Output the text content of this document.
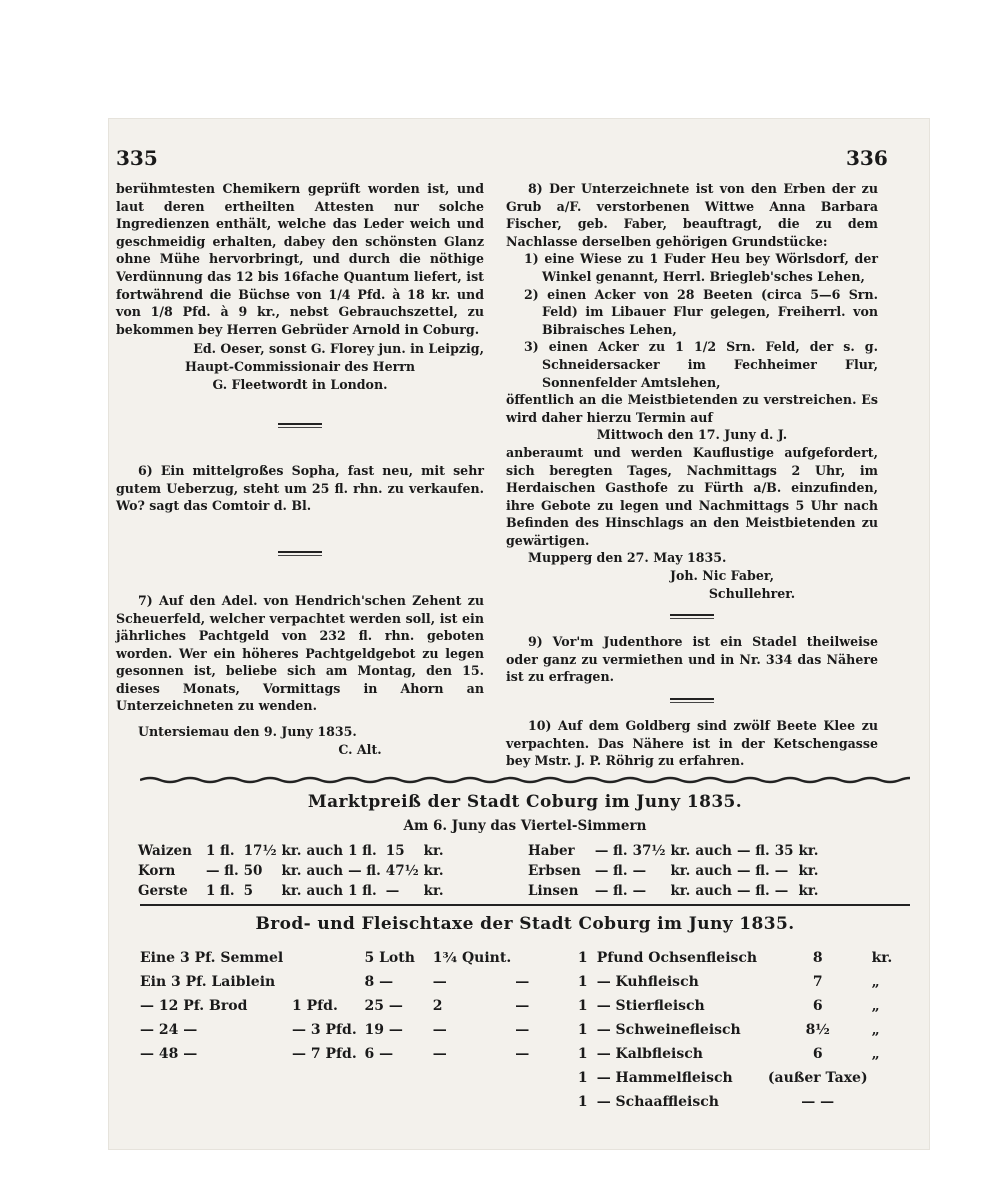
335	336

berühmtesten Chemikern geprüft worden ist, und laut deren ertheilten Attesten nur solche Ingredienzen enthält, welche das Leder weich und geschmeidig erhalten, dabey den schönsten Glanz ohne Mühe hervorbringt, und durch die nöthige Verdünnung das 12 bis 16fache Quantum liefert, ist fortwährend die Büchse von 1/4 Pfd. à 18 kr. und von 1/8 Pfd. à 9 kr., nebst Gebrauchszettel, zu bekommen bey Herren Gebrüder Arnold in Coburg.

Ed. Oeser, sonst G. Florey jun. in Leipzig,
Haupt-Commissionair des Herrn
G. Fleetwordt in London.

6) Ein mittelgroßes Sopha, fast neu, mit sehr gutem Ueberzug, steht um 25 fl. rhn. zu verkaufen. Wo? sagt das Comtoir d. Bl.

7) Auf den Adel. von Hendrich'schen Zehent zu Scheuerfeld, welcher verpachtet werden soll, ist ein jährliches Pachtgeld von 232 fl. rhn. geboten worden. Wer ein höheres Pachtgeldgebot zu legen gesonnen ist, beliebe sich am Montag, den 15. dieses Monats, Vormittags in Ahorn an Unterzeichneten zu wenden.

Untersiemau den 9. Juny 1835.

C. Alt.

8) Der Unterzeichnete ist von den Erben der zu Grub a/F. verstorbenen Wittwe Anna Barbara Fischer, geb. Faber, beauftragt, die zu dem Nachlasse derselben gehörigen Grundstücke:

1) eine Wiese zu 1 Fuder Heu bey Wörlsdorf, der Winkel genannt, Herrl. Briegleb'sches Lehen,
2) einen Acker von 28 Beeten (circa 5—6 Srn. Feld) im Libauer Flur gelegen, Freiherrl. von Bibraisches Lehen,
3) einen Acker zu 1 1/2 Srn. Feld, der s. g. Schneidersacker im Fechheimer Flur, Sonnenfelder Amtslehen,

öffentlich an die Meistbietenden zu verstreichen. Es wird daher hierzu Termin auf

Mittwoch den 17. Juny d. J.

anberaumt und werden Kauflustige aufgefordert, sich beregten Tages, Nachmittags 2 Uhr, im Herdaischen Gasthofe zu Fürth a/B. einzufinden, ihre Gebote zu legen und Nachmittags 5 Uhr nach Befinden des Hinschlags an den Meistbietenden zu gewärtigen.

Mupperg den 27. May 1835.

Joh. Nic Faber,

Schullehrer.

9) Vor'm Judenthore ist ein Stadel theilweise oder ganz zu vermiethen und in Nr. 334 das Nähere ist zu erfragen.

10) Auf dem Goldberg sind zwölf Beete Klee zu verpachten. Das Nähere ist in der Ketschengasse bey Mstr. J. P. Röhrig zu erfahren.

Marktpreiß der Stadt Coburg im Juny 1835.
Am 6. Juny das Viertel-Simmern
Waizen	1 fl.	17½	kr.	auch	1 fl.	15	kr.
Korn	— fl.	50	kr.	auch	— fl.	47½	kr.
Gerste	1 fl.	5	kr.	auch	1 fl.	—	kr.
Haber	— fl.	37½	kr.	auch	— fl.	35	kr.
Erbsen	— fl.	—	kr.	auch	— fl.	—	kr.
Linsen	— fl.	—	kr.	auch	— fl.	—	kr.
Brod- und Fleischtaxe der Stadt Coburg im Juny 1835.
Eine 3 Pf. Semmel		5 Loth	1¾ Quint.		1	Pfund Ochsenfleisch	8	kr.
Ein 3 Pf. Laiblein		8 —	—	—	1	— Kuhfleisch	7	„
— 12 Pf. Brod	1 Pfd.	25 —	2	—	1	— Stierfleisch	6	„
— 24 —	— 3 Pfd.	19 —	—	—	1	— Schweinefleisch	8½	„
— 48 —	— 7 Pfd.	6 —	—	—	1	— Kalbfleisch	6	„
					1	— Hammelfleisch	(außer Taxe)	
					1	— Schaaffleisch	— —	
